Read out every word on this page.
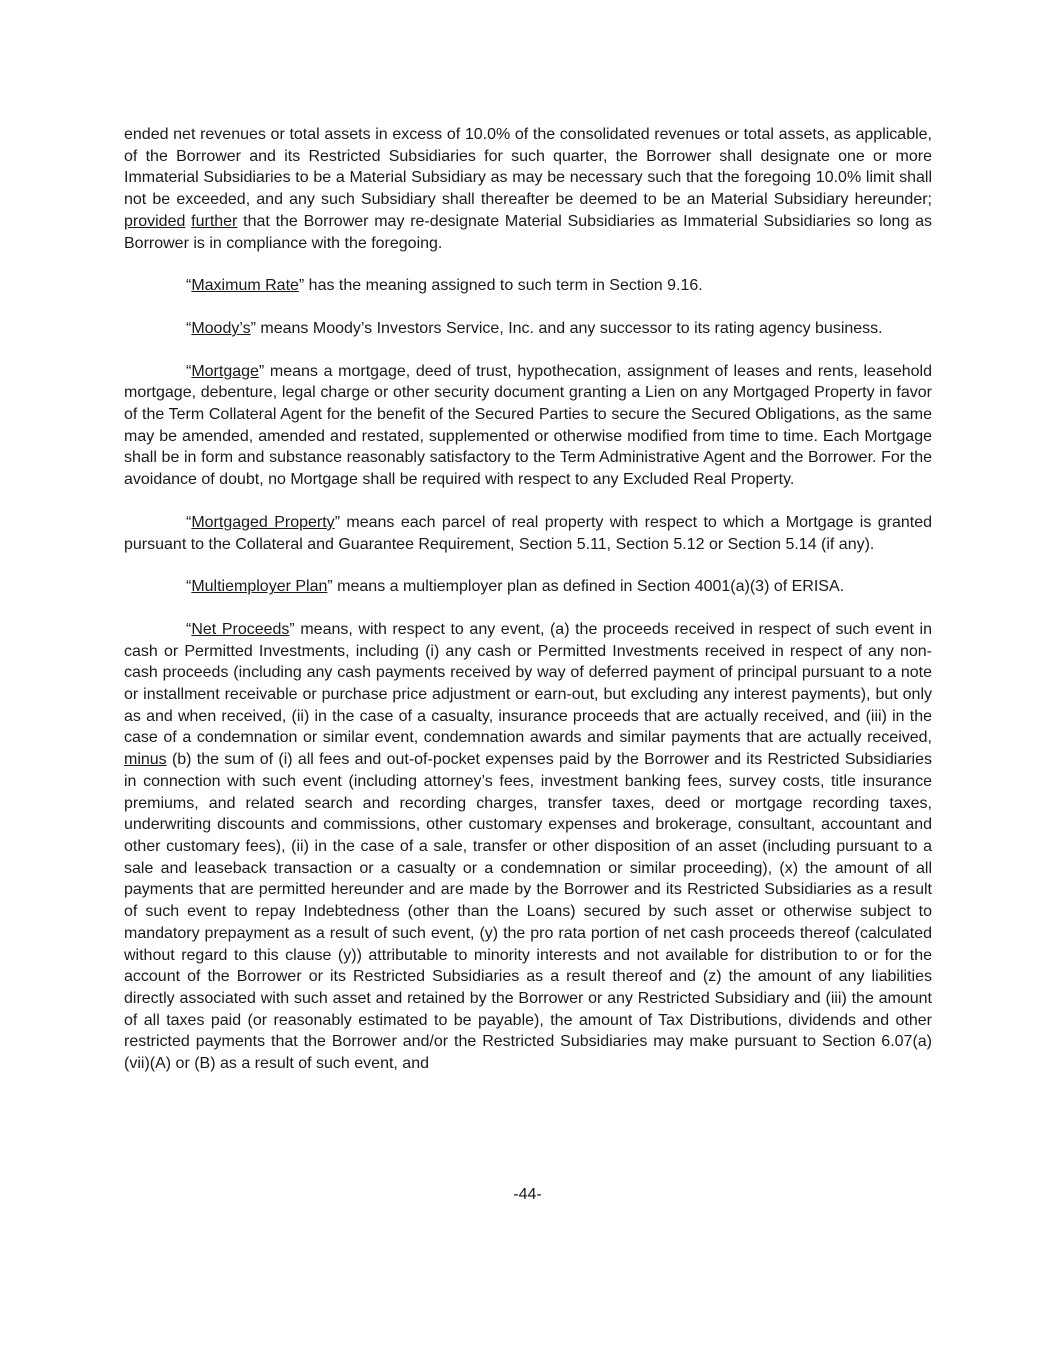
ended net revenues or total assets in excess of 10.0% of the consolidated revenues or total assets, as applicable, of the Borrower and its Restricted Subsidiaries for such quarter, the Borrower shall designate one or more Immaterial Subsidiaries to be a Material Subsidiary as may be necessary such that the foregoing 10.0% limit shall not be exceeded, and any such Subsidiary shall thereafter be deemed to be an Material Subsidiary hereunder; provided further that the Borrower may re-designate Material Subsidiaries as Immaterial Subsidiaries so long as Borrower is in compliance with the foregoing.

“Maximum Rate” has the meaning assigned to such term in Section 9.16.

“Moody’s” means Moody’s Investors Service, Inc. and any successor to its rating agency business.

“Mortgage” means a mortgage, deed of trust, hypothecation, assignment of leases and rents, leasehold mortgage, debenture, legal charge or other security document granting a Lien on any Mortgaged Property in favor of the Term Collateral Agent for the benefit of the Secured Parties to secure the Secured Obligations, as the same may be amended, amended and restated, supplemented or otherwise modified from time to time. Each Mortgage shall be in form and substance reasonably satisfactory to the Term Administrative Agent and the Borrower. For the avoidance of doubt, no Mortgage shall be required with respect to any Excluded Real Property.

“Mortgaged Property” means each parcel of real property with respect to which a Mortgage is granted pursuant to the Collateral and Guarantee Requirement, Section 5.11, Section 5.12 or Section 5.14 (if any).

“Multiemployer Plan” means a multiemployer plan as defined in Section 4001(a)(3) of ERISA.

“Net Proceeds” means, with respect to any event, (a) the proceeds received in respect of such event in cash or Permitted Investments, including (i) any cash or Permitted Investments received in respect of any non-cash proceeds (including any cash payments received by way of deferred payment of principal pursuant to a note or installment receivable or purchase price adjustment or earn-out, but excluding any interest payments), but only as and when received, (ii) in the case of a casualty, insurance proceeds that are actually received, and (iii) in the case of a condemnation or similar event, condemnation awards and similar payments that are actually received, minus (b) the sum of (i) all fees and out-of-pocket expenses paid by the Borrower and its Restricted Subsidiaries in connection with such event (including attorney’s fees, investment banking fees, survey costs, title insurance premiums, and related search and recording charges, transfer taxes, deed or mortgage recording taxes, underwriting discounts and commissions, other customary expenses and brokerage, consultant, accountant and other customary fees), (ii) in the case of a sale, transfer or other disposition of an asset (including pursuant to a sale and leaseback transaction or a casualty or a condemnation or similar proceeding), (x) the amount of all payments that are permitted hereunder and are made by the Borrower and its Restricted Subsidiaries as a result of such event to repay Indebtedness (other than the Loans) secured by such asset or otherwise subject to mandatory prepayment as a result of such event, (y) the pro rata portion of net cash proceeds thereof (calculated without regard to this clause (y)) attributable to minority interests and not available for distribution to or for the account of the Borrower or its Restricted Subsidiaries as a result thereof and (z) the amount of any liabilities directly associated with such asset and retained by the Borrower or any Restricted Subsidiary and (iii) the amount of all taxes paid (or reasonably estimated to be payable), the amount of Tax Distributions, dividends and other restricted payments that the Borrower and/or the Restricted Subsidiaries may make pursuant to Section 6.07(a)(vii)(A) or (B) as a result of such event, and

-44-
